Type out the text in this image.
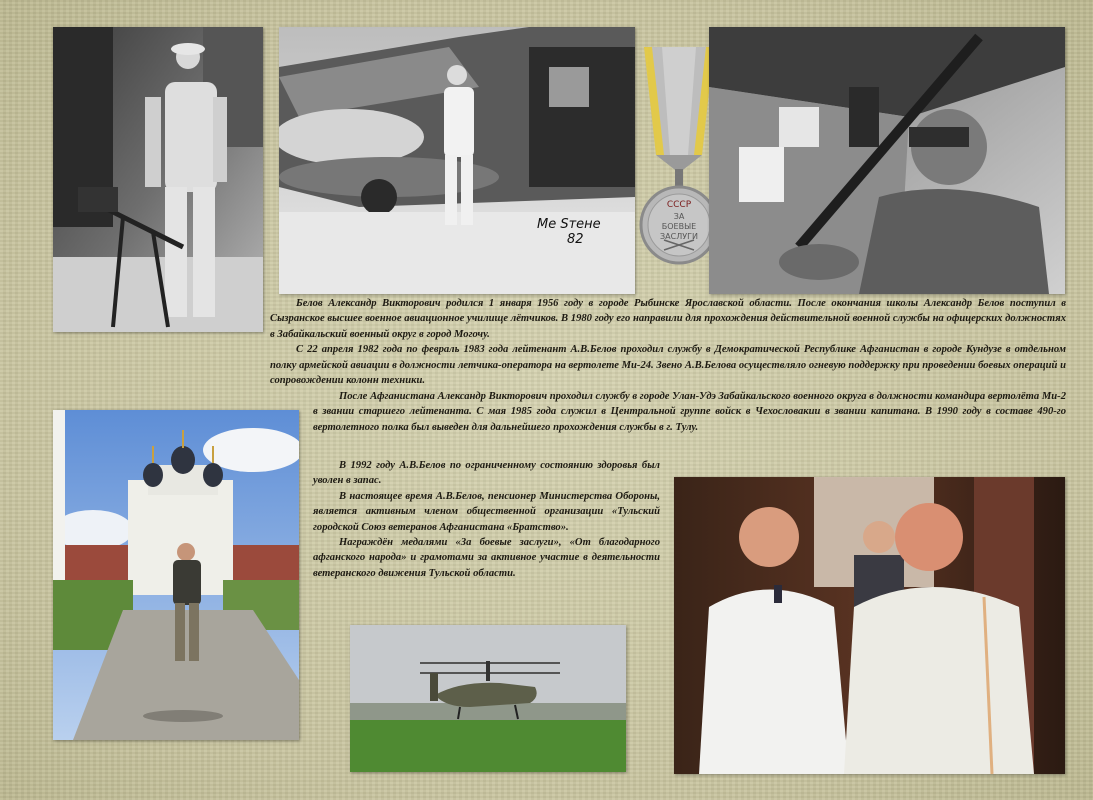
Ме Ѕтене
82
СССР
ЗА
БОЕВЫЕ
ЗАСЛУГИ

Белов Александр Викторович родился 1 января 1956 году в городе Рыбинске Ярославской области. После окончания школы Александр Белов поступил в Сызранское высшее военное авиационное училище лётчиков. В 1980 году его направили для прохождения действительной военной службы на офицерских должностях в Забайкальский военный округ в город Могочу.

С 22 апреля 1982 года по февраль 1983 года лейтенант А.В.Белов проходил службу в Демократической Республике Афганистан в городе Кундузе в отдельном полку армейской авиации в должности летчика-оператора на вертолете Ми-24. Звено А.В.Белова осуществляло огневую поддержку при проведении боевых операций и сопровождении колонн техники.

После Афганистана Александр Викторович проходил службу в городе Улан-Удэ Забайкальского военного округа в должности командира вертолёта Ми-2 в звании старшего лейтенанта. С мая 1985 года служил в Центральной группе войск в Чехословакии в звании капитана. В 1990 году в составе 490-го вертолетного полка был выведен для дальнейшего прохождения службы в г. Тулу.

В 1992 году А.В.Белов по ограниченному состоянию здоровья был уволен в запас.

В настоящее время А.В.Белов, пенсионер Министерства Обороны, является активным членом общественной организации «Тульский городской Союз ветеранов Афганистана «Братство».

Награждён медалями «За боевые заслуги», «От благодарного афганского народа» и грамотами за активное участие в деятельности ветеранского движения Тульской области.
